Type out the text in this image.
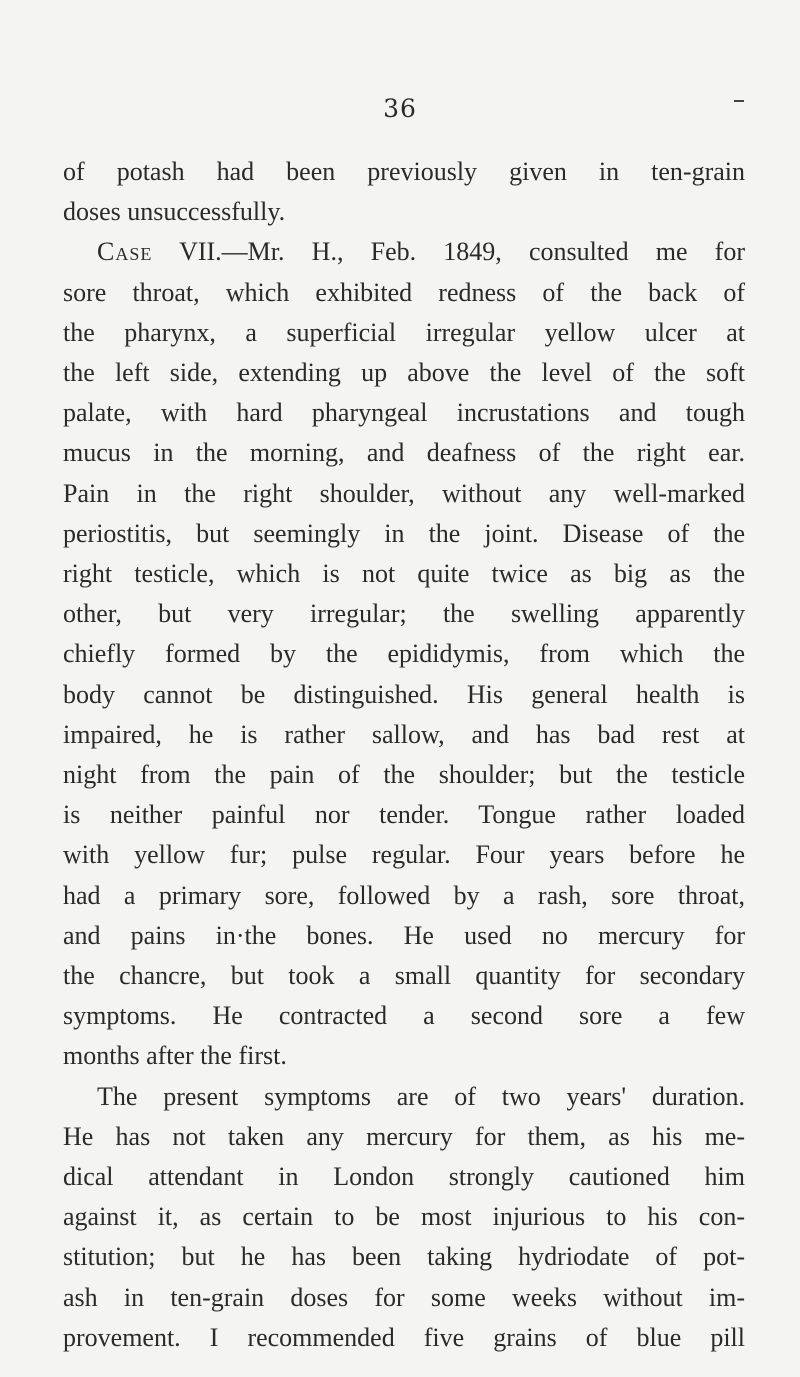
36
of potash had been previously given in ten-grain
doses unsuccessfully.
Case VII.—Mr. H., Feb. 1849, consulted me for
sore throat, which exhibited redness of the back of
the pharynx, a superficial irregular yellow ulcer at
the left side, extending up above the level of the soft
palate, with hard pharyngeal incrustations and tough
mucus in the morning, and deafness of the right ear.
Pain in the right shoulder, without any well-marked
periostitis, but seemingly in the joint. Disease of the
right testicle, which is not quite twice as big as the
other, but very irregular; the swelling apparently
chiefly formed by the epididymis, from which the
body cannot be distinguished. His general health is
impaired, he is rather sallow, and has bad rest at
night from the pain of the shoulder; but the testicle
is neither painful nor tender. Tongue rather loaded
with yellow fur; pulse regular. Four years before he
had a primary sore, followed by a rash, sore throat,
and pains in·the bones. He used no mercury for
the chancre, but took a small quantity for secondary
symptoms. He contracted a second sore a few
months after the first.
The present symptoms are of two years' duration.
He has not taken any mercury for them, as his me-
dical attendant in London strongly cautioned him
against it, as certain to be most injurious to his con-
stitution; but he has been taking hydriodate of pot-
ash in ten-grain doses for some weeks without im-
provement. I recommended five grains of blue pill
